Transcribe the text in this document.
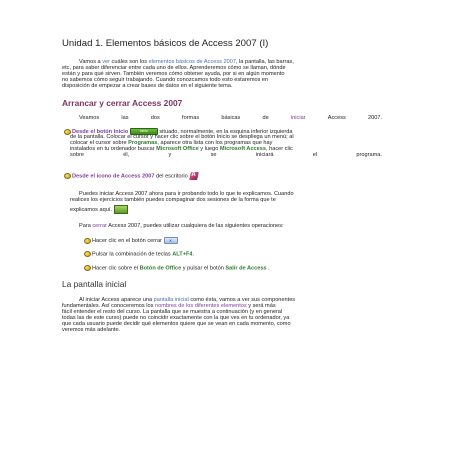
Unidad 1. Elementos básicos de Access 2007 (I)
Vamos a ver cuáles son los elementos básicos de Access 2007, la pantalla, las barras,
etc, para saber diferenciar entre cada uno de ellos. Aprenderemos cómo se llaman, dónde
están y para qué sirven. También veremos cómo obtener ayuda, por si en algún momento
no sabemos cómo seguir trabajando. Cuando conozcamos todo esto estaremos en
disposición de empezar a crear bases de datos en el siguiente tema.
Arrancar y cerrar Access 2007
Veamos	las	dos	formas	básicas	de	iniciar	Access	2007.
Desde el botón Inicio	Inicio situado, normalmente, en la esquina inferior izquierda
de la pantalla. Colocar el cursor y hacer clic sobre el botón Inicio se despliega un menú; al
colocar el cursor sobre Programas, aparece otra lista con los programas que hay
instalados en tu ordenador buscar Microsoft Office y luego Microsoft Access, hacer clic
sobre	él,	y	se	iniciará	el	programa.
Desde el icono de Access 2007 del escritorio A
Puedes iniciar Access 2007 ahora para ir probando todo lo que te explicamos. Cuando
realices los ejercicios también puedes compaginar dos sesiones de la forma que te
explicamos aquí.
Para cerrar Access 2007, puedes utilizar cualquiera de las siguientes operaciones:
Hacer clic en el botón cerrar ✕
Pulsar la combinación de teclas ALT+F4.
Hacer clic sobre el Botón de Office y pulsar el botón Salir de Access .
La pantalla inicial
Al iniciar Access aparece una pantalla inicial como ésta, vamos a ver sus componentes
fundamentales. Así conoceremos los nombres de los diferentes elementos y será más
fácil entender el resto del curso. La pantalla que se muestra a continuación (y en general
todas las de este curso) puede no coincidir exactamente con la que ves en tu ordenador, ya
que cada usuario puede decidir qué elementos quiere que se vean en cada momento, como
veremos más adelante.
